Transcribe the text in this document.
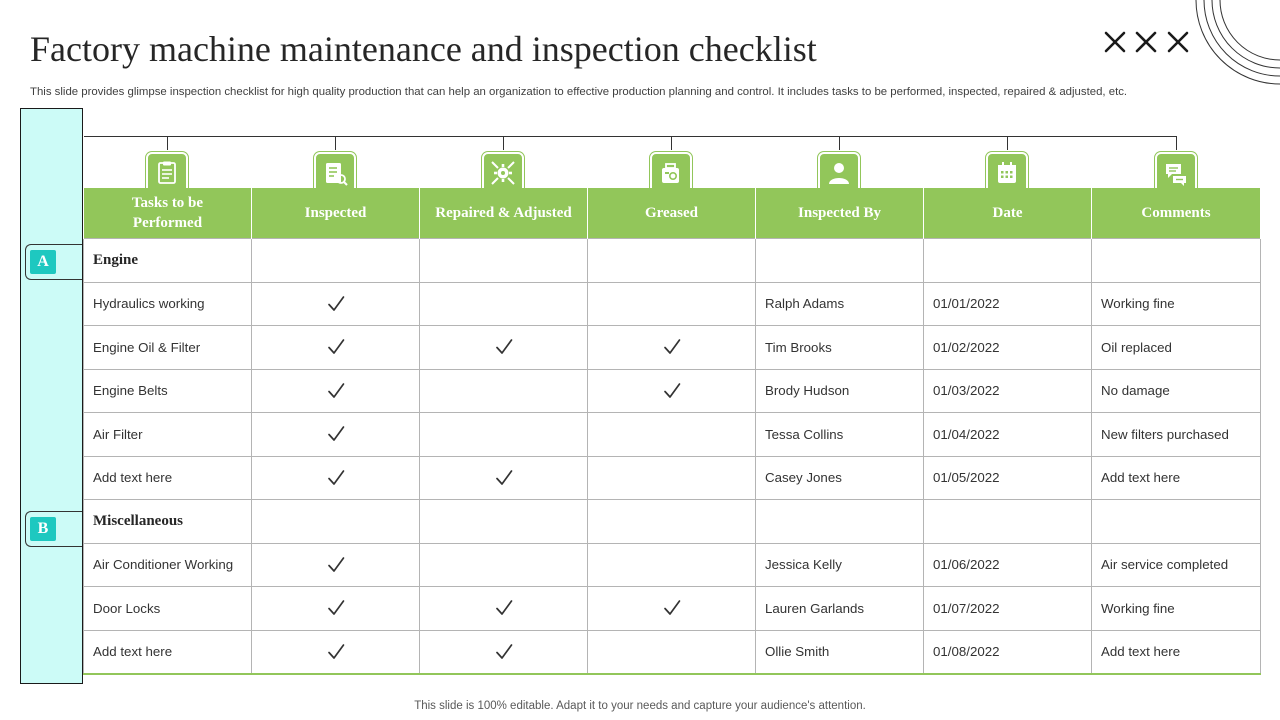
Factory machine maintenance and inspection checklist
This slide provides glimpse inspection checklist for high quality production that can help an organization to effective production planning and control. It includes tasks to be performed, inspected, repaired & adjusted, etc.
A
B
Tasks to be Performed	Inspected	Repaired & Adjusted	Greased	Inspected By	Date	Comments
Engine						
Hydraulics working				Ralph Adams	01/01/2022	Working fine
Engine Oil & Filter				Tim Brooks	01/02/2022	Oil replaced
Engine Belts				Brody Hudson	01/03/2022	No damage
Air Filter				Tessa Collins	01/04/2022	New filters purchased
Add text here				Casey Jones	01/05/2022	Add text here
Miscellaneous						
Air Conditioner Working				Jessica Kelly	01/06/2022	Air service completed
Door Locks				Lauren Garlands	01/07/2022	Working fine
Add text here				Ollie Smith	01/08/2022	Add text here
This slide is 100% editable. Adapt it to your needs and capture your audience's attention.
